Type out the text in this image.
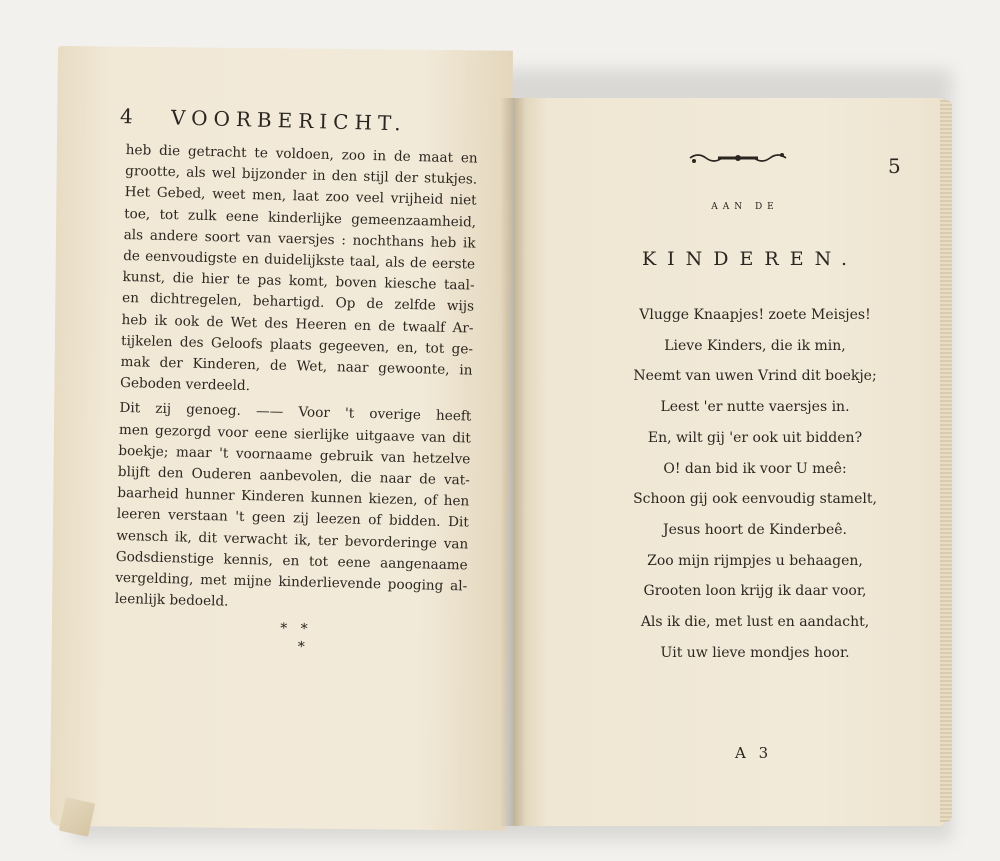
4 VOORBERICHT.
heb die getracht te voldoen, zoo in de maat en
grootte, als wel bijzonder in den stijl der stukjes.
Het Gebed, weet men, laat zoo veel vrijheid niet
toe, tot zulk eene kinderlijke gemeenzaamheid,
als andere soort van vaersjes : nochthans heb ik
de eenvoudigste en duidelijkste taal, als de eerste
kunst, die hier te pas komt, boven kiesche taal-
en dichtregelen, behartigd. Op de zelfde wijs
heb ik ook de Wet des Heeren en de twaalf Ar-
tijkelen des Geloofs plaats gegeeven, en, tot ge-
mak der Kinderen, de Wet, naar gewoonte, in
Geboden verdeeld.
Dit zij genoeg. —— Voor 't overige heeft
men gezorgd voor eene sierlijke uitgaave van dit
boekje; maar 't voornaame gebruik van hetzelve
blijft den Ouderen aanbevolen, die naar de vat-
baarheid hunner Kinderen kunnen kiezen, of hen
leeren verstaan 't geen zij leezen of bidden. Dit
wensch ik, dit verwacht ik, ter bevorderinge van
Godsdienstige kennis, en tot eene aangenaame
vergelding, met mijne kinderlievende pooging al-
leenlijk bedoeld.
*   *
*
5
AAN DE
KINDEREN.
Vlugge Knaapjes! zoete Meisjes!
Lieve Kinders, die ik min,
Neemt van uwen Vrind dit boekje;
Leest 'er nutte vaersjes in.
En, wilt gij 'er ook uit bidden?
O! dan bid ik voor U meê:
Schoon gij ook eenvoudig stamelt,
Jesus hoort de Kinderbeê.
Zoo mijn rijmpjes u behaagen,
Grooten loon krijg ik daar voor,
Als ik die, met lust en aandacht,
Uit uw lieve mondjes hoor.
A 3
